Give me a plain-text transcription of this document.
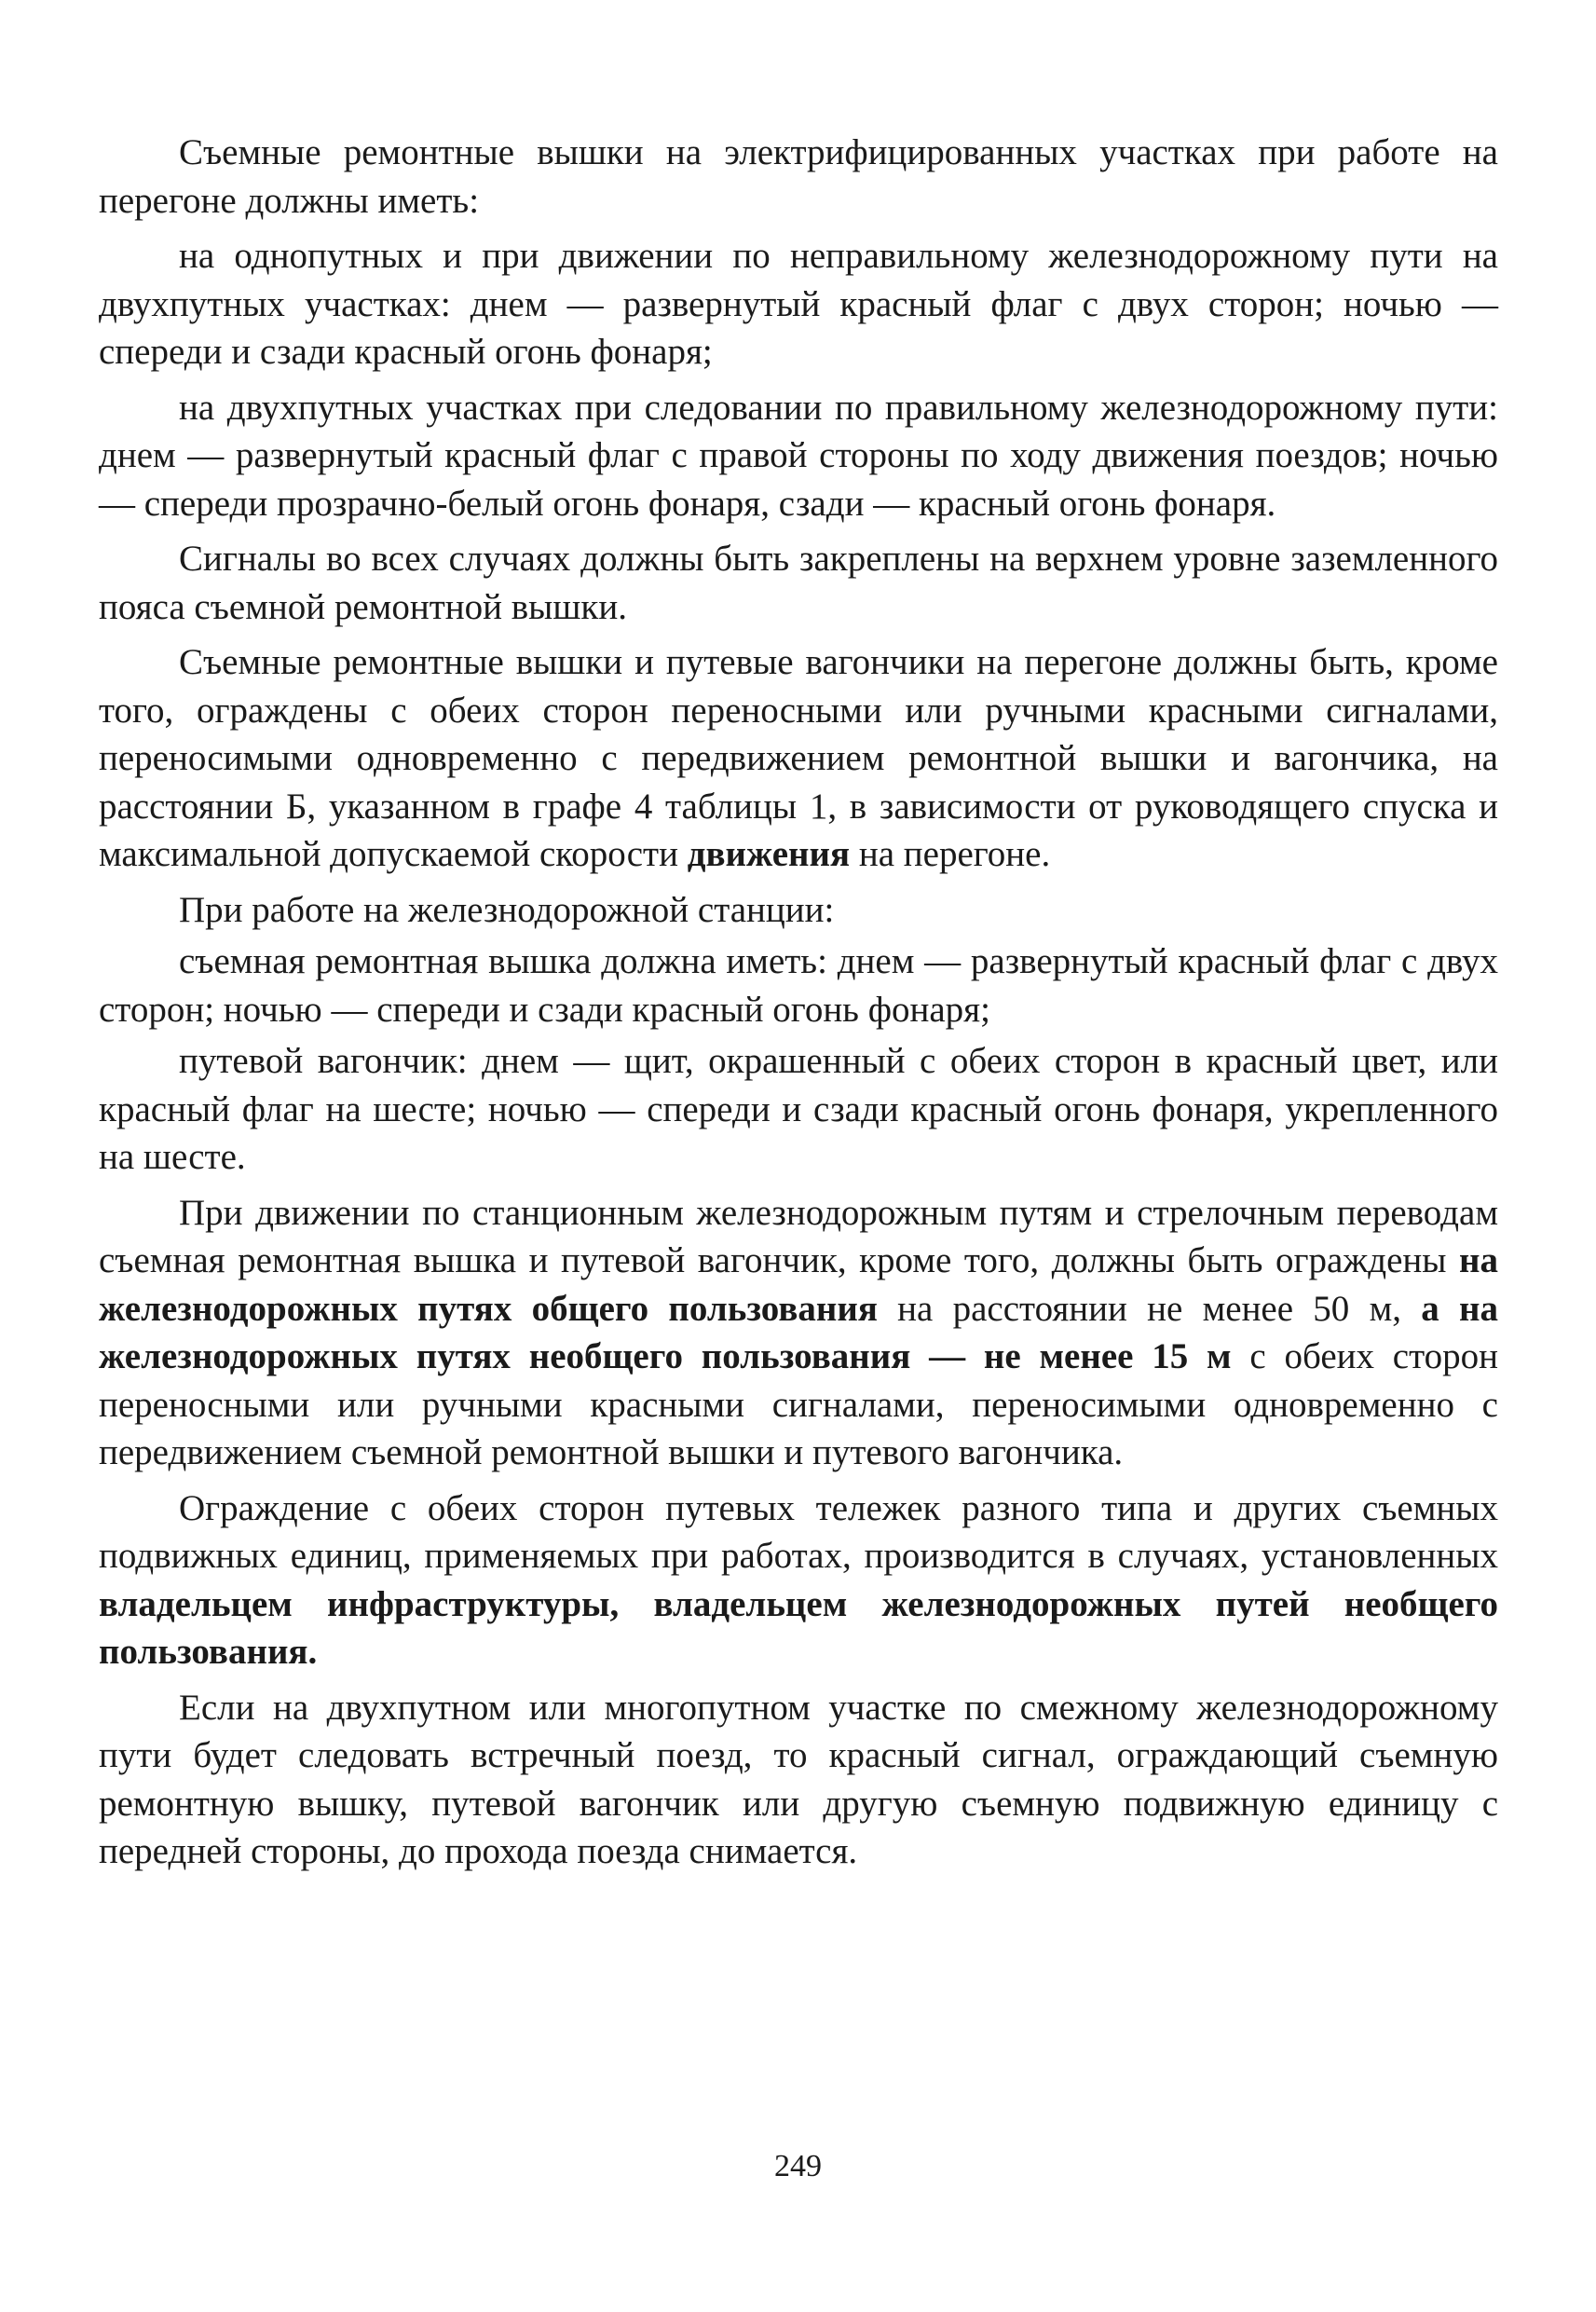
Съемные ремонтные вышки на электрифицированных участках при работе на перегоне должны иметь:

на однопутных и при движении по неправильному железнодорожному пути на двухпутных участках: днем — развернутый красный флаг с двух сторон; ночью — спереди и сзади красный огонь фонаря;

на двухпутных участках при следовании по правильному железнодорожному пути: днем — развернутый красный флаг с правой стороны по ходу движения поездов; ночью — спереди прозрачно-белый огонь фонаря, сзади — красный огонь фонаря.

Сигналы во всех случаях должны быть закреплены на верхнем уровне заземленного пояса съемной ремонтной вышки.

Съемные ремонтные вышки и путевые вагончики на перегоне должны быть, кроме того, ограждены с обеих сторон переносными или ручными красными сигналами, переносимыми одновременно с передвижением ремонтной вышки и вагончика, на расстоянии Б, указанном в графе 4 таблицы 1, в зависимости от руководящего спуска и максимальной допускаемой скорости движения на перегоне.

При работе на железнодорожной станции:

съемная ремонтная вышка должна иметь: днем — развернутый красный флаг с двух сторон; ночью — спереди и сзади красный огонь фонаря;

путевой вагончик: днем — щит, окрашенный с обеих сторон в красный цвет, или красный флаг на шесте; ночью — спереди и сзади красный огонь фонаря, укрепленного на шесте.

При движении по станционным железнодорожным путям и стрелочным переводам съемная ремонтная вышка и путевой вагончик, кроме того, должны быть ограждены на железнодорожных путях общего пользования на расстоянии не менее 50 м, а на железнодорожных путях необщего пользования — не менее 15 м с обеих сторон переносными или ручными красными сигналами, переносимыми одновременно с передвижением съемной ремонтной вышки и путевого вагончика.

Ограждение с обеих сторон путевых тележек разного типа и других съемных подвижных единиц, применяемых при работах, производится в случаях, установленных владельцем инфраструктуры, владельцем железнодорожных путей необщего пользования.

Если на двухпутном или многопутном участке по смежному железнодорожному пути будет следовать встречный поезд, то красный сигнал, ограждающий съемную ремонтную вышку, путевой вагончик или другую съемную подвижную единицу с передней стороны, до прохода поезда снимается.

249
